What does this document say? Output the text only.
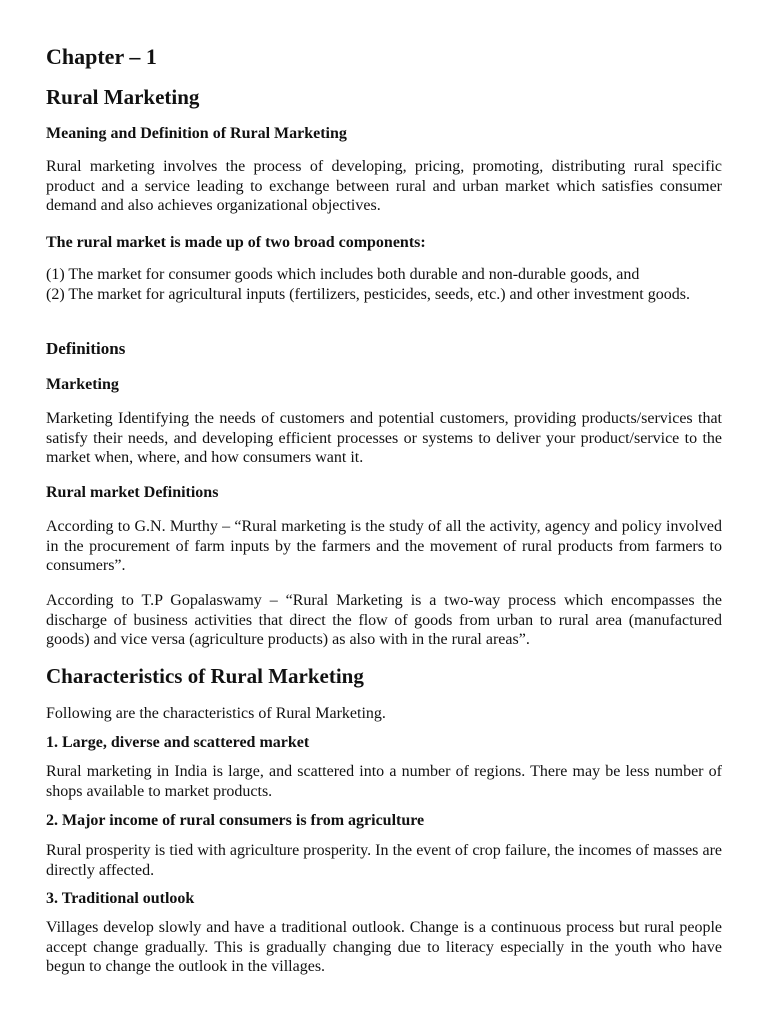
Chapter – 1
Rural Marketing
Meaning and Definition of Rural Marketing

Rural marketing involves the process of developing, pricing, promoting, distributing rural specific product and a service leading to exchange between rural and urban market which satisfies consumer demand and also achieves organizational objectives.

The rural market is made up of two broad components:
(1) The market for consumer goods which includes both durable and non-durable goods, and
(2) The market for agricultural inputs (fertilizers, pesticides, seeds, etc.) and other investment goods.
Definitions
Marketing

Marketing Identifying the needs of customers and potential customers, providing products/services that satisfy their needs, and developing efficient processes or systems to deliver your product/service to the market when, where, and how consumers want it.

Rural market Definitions

According to G.N. Murthy – “Rural marketing is the study of all the activity, agency and policy involved in the procurement of farm inputs by the farmers and the movement of rural products from farmers to consumers”.

According to T.P Gopalaswamy – “Rural Marketing is a two-way process which encompasses the discharge of business activities that direct the flow of goods from urban to rural area (manufactured goods) and vice versa (agriculture products) as also with in the rural areas”.

Characteristics of Rural Marketing

Following are the characteristics of Rural Marketing.

1. Large, diverse and scattered market

Rural marketing in India is large, and scattered into a number of regions. There may be less number of shops available to market products.

2. Major income of rural consumers is from agriculture

Rural prosperity is tied with agriculture prosperity. In the event of crop failure, the incomes of masses are directly affected.

3. Traditional outlook

Villages develop slowly and have a traditional outlook. Change is a continuous process but rural people accept change gradually. This is gradually changing due to literacy especially in the youth who have begun to change the outlook in the villages.
